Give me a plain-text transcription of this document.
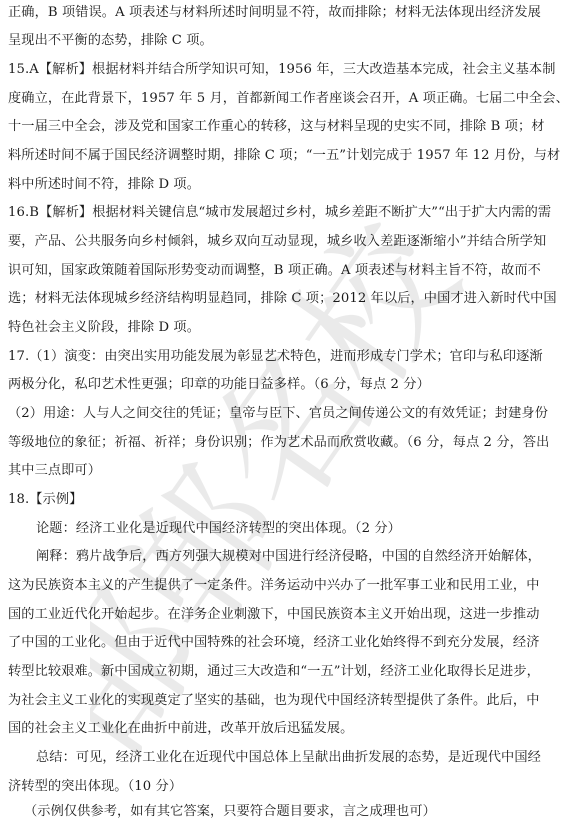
邯郸名校
正确，B 项错误。A 项表述与材料所述时间明显不符，故而排除；材料无法体现出经济发展
呈现出不平衡的态势，排除 C 项。
15.A【解析】根据材料并结合所学知识可知，1956 年，三大改造基本完成，社会主义基本制
度确立，在此背景下，1957 年 5 月，首都新闻工作者座谈会召开，A 项正确。七届二中全会、
十一届三中全会，涉及党和国家工作重心的转移，这与材料呈现的史实不同，排除 B 项；材
料所述时间不属于国民经济调整时期，排除 C 项；“一五”计划完成于 1957 年 12 月份，与材
料中所述时间不符，排除 D 项。
16.B【解析】根据材料关键信息“城市发展超过乡村，城乡差距不断扩大”“出于扩大内需的需
要，产品、公共服务向乡村倾斜，城乡双向互动显现，城乡收入差距逐渐缩小”并结合所学知
识可知，国家政策随着国际形势变动而调整，B 项正确。A 项表述与材料主旨不符，故而不
选；材料无法体现城乡经济结构明显趋同，排除 C 项；2012 年以后，中国才进入新时代中国
特色社会主义阶段，排除 D 项。
17.（1）演变：由突出实用功能发展为彰显艺术特色，进而形成专门学术；官印与私印逐渐
两极分化，私印艺术性更强；印章的功能日益多样。（6 分，每点 2 分）
（2）用途：人与人之间交往的凭证；皇帝与臣下、官员之间传递公文的有效凭证；封建身份
等级地位的象征；祈福、祈祥；身份识别；作为艺术品而欣赏收藏。（6 分，每点 2 分，答出
其中三点即可）
18.【示例】
论题：经济工业化是近现代中国经济转型的突出体现。（2 分）
阐释：鸦片战争后，西方列强大规模对中国进行经济侵略，中国的自然经济开始解体，
这为民族资本主义的产生提供了一定条件。洋务运动中兴办了一批军事工业和民用工业，中
国的工业近代化开始起步。在洋务企业刺激下，中国民族资本主义开始出现，这进一步推动
了中国的工业化。但由于近代中国特殊的社会环境，经济工业化始终得不到充分发展，经济
转型比较艰难。新中国成立初期，通过三大改造和“一五”计划，经济工业化取得长足进步，
为社会主义工业化的实现奠定了坚实的基础，也为现代中国经济转型提供了条件。此后，中
国的社会主义工业化在曲折中前进，改革开放后迅猛发展。
总结：可见，经济工业化在近现代中国总体上呈献出曲折发展的态势，是近现代中国经
济转型的突出体现。（10 分）
（示例仅供参考，如有其它答案，只要符合题目要求，言之成理也可）
